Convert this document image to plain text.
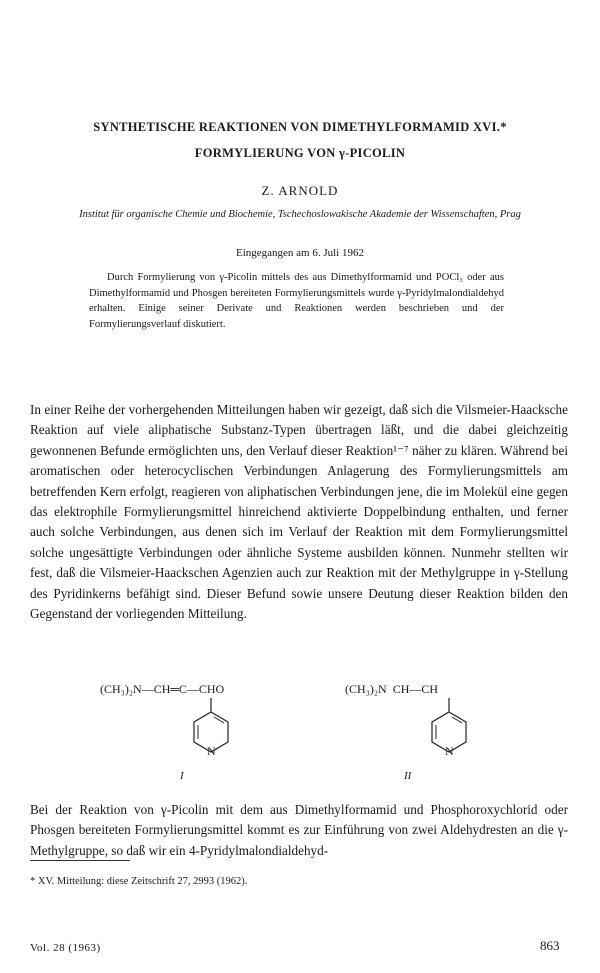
SYNTHETISCHE REAKTIONEN VON DIMETHYLFORMAMID XVI.*
FORMYLIERUNG VON γ-PICOLIN
Z. ARNOLD
Institut für organische Chemie und Biochemie, Tschechoslowakische Akademie der Wissenschaften, Prag
Eingegangen am 6. Juli 1962
Durch Formylierung von γ-Picolin mittels des aus Dimethylformamid und POCl₃ oder aus Dimethylformamid und Phosgen bereiteten Formylierungsmittels wurde γ-Pyridylmalondialdehyd erhalten. Einige seiner Derivate und Reaktionen werden beschrieben und der Formylierungsverlauf diskutiert.
In einer Reihe der vorhergehenden Mitteilungen haben wir gezeigt, daß sich die Vilsmeier-Haacksche Reaktion auf viele aliphatische Substanz-Typen übertragen läßt, und die dabei gleichzeitig gewonnenen Befunde ermöglichten uns, den Verlauf dieser Reaktion¹⁻⁷ näher zu klären. Während bei aromatischen oder heterocyclischen Verbindungen Anlagerung des Formylierungsmittels am betreffenden Kern erfolgt, reagieren von aliphatischen Verbindungen jene, die im Molekül eine gegen das elektrophile Formylierungsmittel hinreichend aktivierte Doppelbindung enthalten, und ferner auch solche Verbindungen, aus denen sich im Verlauf der Reaktion mit dem Formylierungsmittel solche ungesättigte Verbindungen oder ähnliche Systeme ausbilden können. Nunmehr stellten wir fest, daß die Vilsmeier-Haackschen Agenzien auch zur Reaktion mit der Methylgruppe in γ-Stellung des Pyridinkerns befähigt sind. Dieser Befund sowie unsere Deutung dieser Reaktion bilden den Gegenstand der vorliegenden Mitteilung.
(CH₃)₂N—CH═C—CHO
N
I
(CH₃)₂N  CH—CH
N
II
Bei der Reaktion von γ-Picolin mit dem aus Dimethylformamid und Phosphoroxychlorid oder Phosgen bereiteten Formylierungsmittel kommt es zur Einführung von zwei Aldehydresten an die γ-Methylgruppe, so daß wir ein 4-Pyridylmalondialdehyd-
* XV. Mitteilung: diese Zeitschrift 27, 2993 (1962).
Vol. 28 (1963)	863
